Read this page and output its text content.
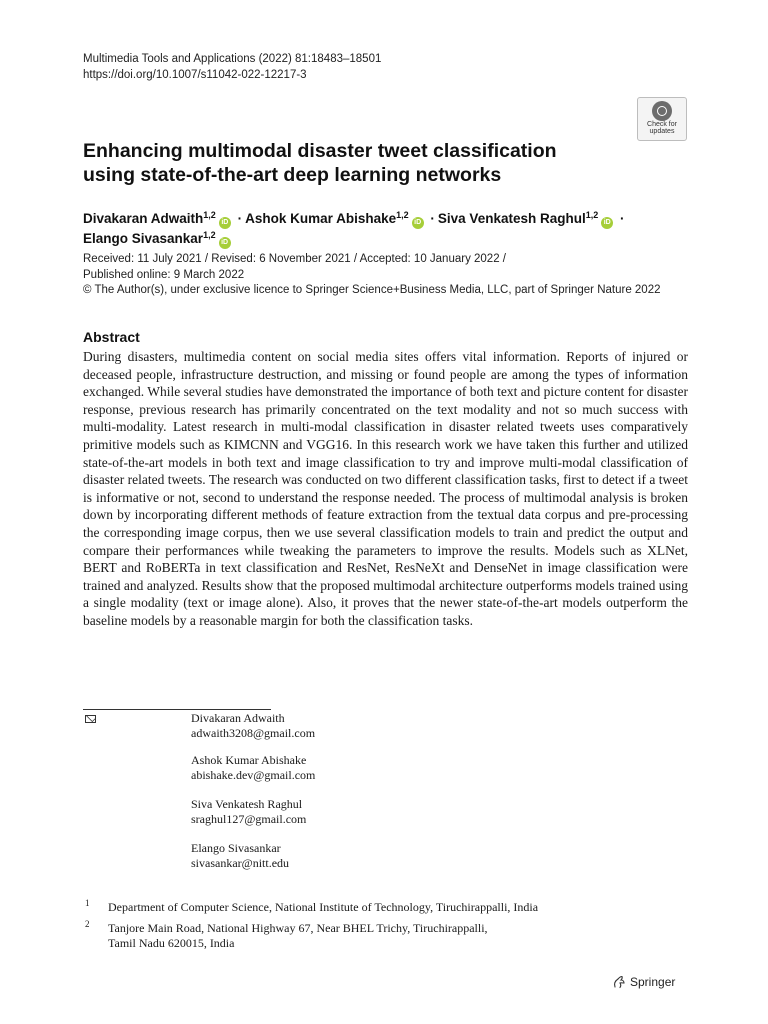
Multimedia Tools and Applications (2022) 81:18483–18501
https://doi.org/10.1007/s11042-022-12217-3
Check for
updates
Enhancing multimodal disaster tweet classification
using state-of-the-art deep learning networks
Divakaran Adwaith$^{1,2}$iD · Ashok Kumar Abishake$^{1,2}$iD · Siva Venkatesh Raghul$^{1,2}$iD ·
Elango Sivasankar$^{1,2}$iD
Received: 11 July 2021 / Revised: 6 November 2021 / Accepted: 10 January 2022 /
Published online: 9 March 2022
© The Author(s), under exclusive licence to Springer Science+Business Media, LLC, part of Springer Nature 2022
Abstract
During disasters, multimedia content on social media sites offers vital information. Reports of injured or deceased people, infrastructure destruction, and missing or found people are among the types of information exchanged. While several studies have demonstrated the importance of both text and picture content for disaster response, previous research has primarily concentrated on the text modality and not so much success with multi-modality. Latest research in multi-modal classification in disaster related tweets uses comparatively primitive models such as KIMCNN and VGG16. In this research work we have taken this further and utilized state-of-the-art models in both text and image classification to try and improve multi-modal classification of disaster related tweets. The research was conducted on two different classification tasks, first to detect if a tweet is informative or not, second to understand the response needed. The process of multimodal analysis is broken down by incorporating different methods of feature extraction from the textual data corpus and pre-processing the corresponding image corpus, then we use several classification models to train and predict the output and compare their performances while tweaking the parameters to improve the results. Models such as XLNet, BERT and RoBERTa in text classification and ResNet, ResNeXt and DenseNet in image classification were trained and analyzed. Results show that the proposed multimodal architecture outperforms models trained using a single modality (text or image alone). Also, it proves that the newer state-of-the-art models outperform the baseline models by a reasonable margin for both the classification tasks.
Divakaran Adwaith
adwaith3208@gmail.com
Ashok Kumar Abishake
abishake.dev@gmail.com
Siva Venkatesh Raghul
sraghul127@gmail.com
Elango Sivasankar
sivasankar@nitt.edu
1 Department of Computer Science, National Institute of Technology, Tiruchirappalli, India
2 Tanjore Main Road, National Highway 67, Near BHEL Trichy, Tiruchirappalli,
Tamil Nadu 620015, India
Springer
